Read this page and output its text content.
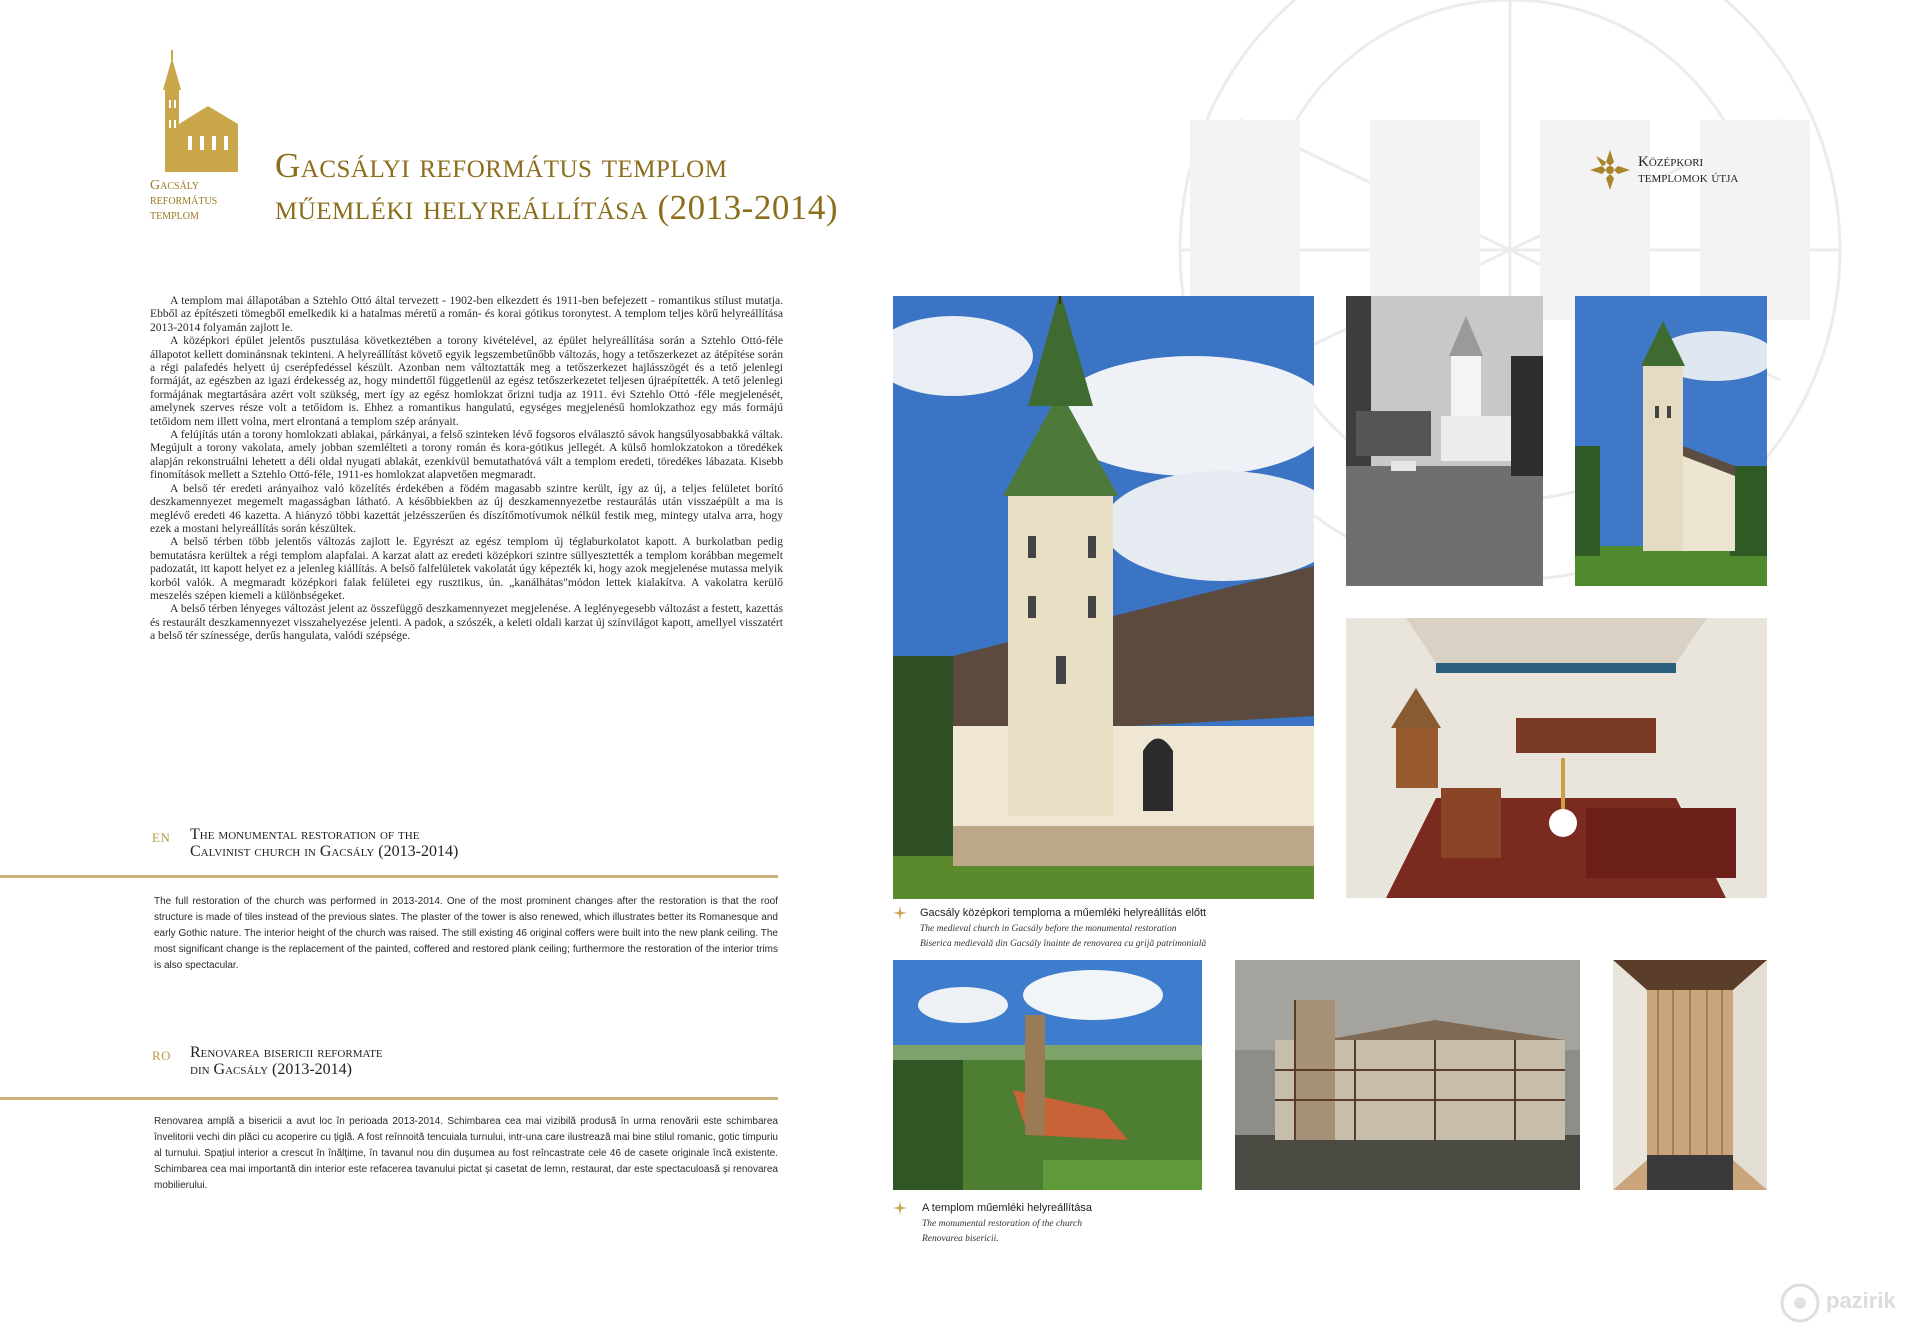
Gacsály
református
templom
Gacsályi református templom
műemléki helyreállítása (2013-2014)
Középkori
templomok útja

A templom mai állapotában a Sztehlo Ottó által tervezett - 1902-ben elkezdett és 1911-ben befejezett - romantikus stílust mutatja. Ebből az építészeti tömegből emelkedik ki a hatalmas méretű a román- és korai gótikus toronytest. A templom teljes körű helyreállítása 2013-2014 folyamán zajlott le.

A középkori épület jelentős pusztulása következtében a torony kivételével, az épület helyreállítása során a Sztehlo Ottó-féle állapotot kellett dominánsnak tekinteni. A helyreállítást követő egyik legszembetűnőbb változás, hogy a tetőszerkezet az átépítése során a régi palafedés helyett új cserépfedéssel készült. Azonban nem változtatták meg a tetőszerkezet hajlásszögét és a tető jelenlegi formáját, az egészben az igazi érdekesség az, hogy mindettől függetlenül az egész tetőszerkezetet teljesen újraépítették. A tető jelenlegi formájának megtartására azért volt szükség, mert így az egész homlokzat őrizni tudja az 1911. évi Sztehlo Ottó -féle megjelenését, amelynek szerves része volt a tetőidom is. Ehhez a romantikus hangulatú, egységes megjelenésű homlokzathoz egy más formájú tetőidom nem illett volna, mert elrontaná a templom szép arányait.

A felújítás után a torony homlokzati ablakai, párkányai, a felső szinteken lévő fogsoros elválasztó sávok hangsúlyosabbakká váltak. Megújult a torony vakolata, amely jobban szemlélteti a torony román és kora-gótikus jellegét. A külső homlokzatokon a töredékek alapján rekonstruálni lehetett a déli oldal nyugati ablakát, ezenkívül bemutathatóvá vált a templom eredeti, töredékes lábazata. Kisebb finomítások mellett a Sztehlo Ottó-féle, 1911-es homlokzat alapvetően megmaradt.

A belső tér eredeti arányaihoz való közelítés érdekében a födém magasabb szintre került, így az új, a teljes felületet borító deszkamennyezet megemelt magasságban látható. A későbbiekben az új deszkamennyezetbe restaurálás után visszaépült a ma is meglévő eredeti 46 kazetta. A hiányzó többi kazettát jelzésszerűen és díszítőmotívumok nélkül festik meg, mintegy utalva arra, hogy ezek a mostani helyreállítás során készültek.

A belső térben több jelentős változás zajlott le. Egyrészt az egész templom új téglaburkolatot kapott. A burkolatban pedig bemutatásra kerültek a régi templom alapfalai. A karzat alatt az eredeti középkori szintre süllyesztették a templom korábban megemelt padozatát, itt kapott helyet ez a jelenleg kiállítás. A belső falfelületek vakolatát úgy képezték ki, hogy azok megjelenése mutassa melyik korból valók. A megmaradt középkori falak felületei egy rusztikus, ún. „kanálhátas"módon lettek kialakítva. A vakolatra kerülő meszelés szépen kiemeli a különbségeket.

A belső térben lényeges változást jelent az összefüggő deszkamennyezet megjelenése. A leglényegesebb változást a festett, kazettás és restaurált deszkamennyezet visszahelyezése jelenti. A padok, a szószék, a keleti oldali karzat új színvilágot kapott, amellyel visszatért a belső tér színessége, derűs hangulata, valódi szépsége.

EN The monumental restoration of the
Calvinist church in Gacsály (2013-2014)
The full restoration of the church was performed in 2013-2014. One of the most prominent changes after the restoration is that the roof structure is made of tiles instead of the previous slates. The plaster of the tower is also renewed, which illustrates better its Romanesque and early Gothic nature. The interior height of the church was raised. The still existing 46 original coffers were built into the new plank ceiling. The most significant change is the replacement of the painted, coffered and restored plank ceiling; furthermore the restoration of the interior trims is also spectacular.
RO Renovarea bisericii reformate
din Gacsály (2013-2014)
Renovarea amplă a bisericii a avut loc în perioada 2013-2014. Schimbarea cea mai vizibilă produsă în urma renovării este schimbarea învelitorii vechi din plăci cu acoperire cu țiglă. A fost reînnoită tencuiala turnului, intr-una care ilustrează mai bine stilul romanic, gotic timpuriu al turnului. Spațiul interior a crescut în înălțime, în tavanul nou din dușumea au fost reîncastrate cele 46 de casete originale încă existente. Schimbarea cea mai importantă din interior este refacerea tavanului pictat și casetat de lemn, restaurat, dar este spectaculoasă și renovarea mobilierului.
Gacsály középkori temploma a műemléki helyreállítás előtt
The medieval church in Gacsály before the monumental restoration
Biserica medievală din Gacsály înainte de renovarea cu grijă patrimonială
A templom műemléki helyreállítása
The monumental restoration of the church
Renovarea bisericii.
pazirik
